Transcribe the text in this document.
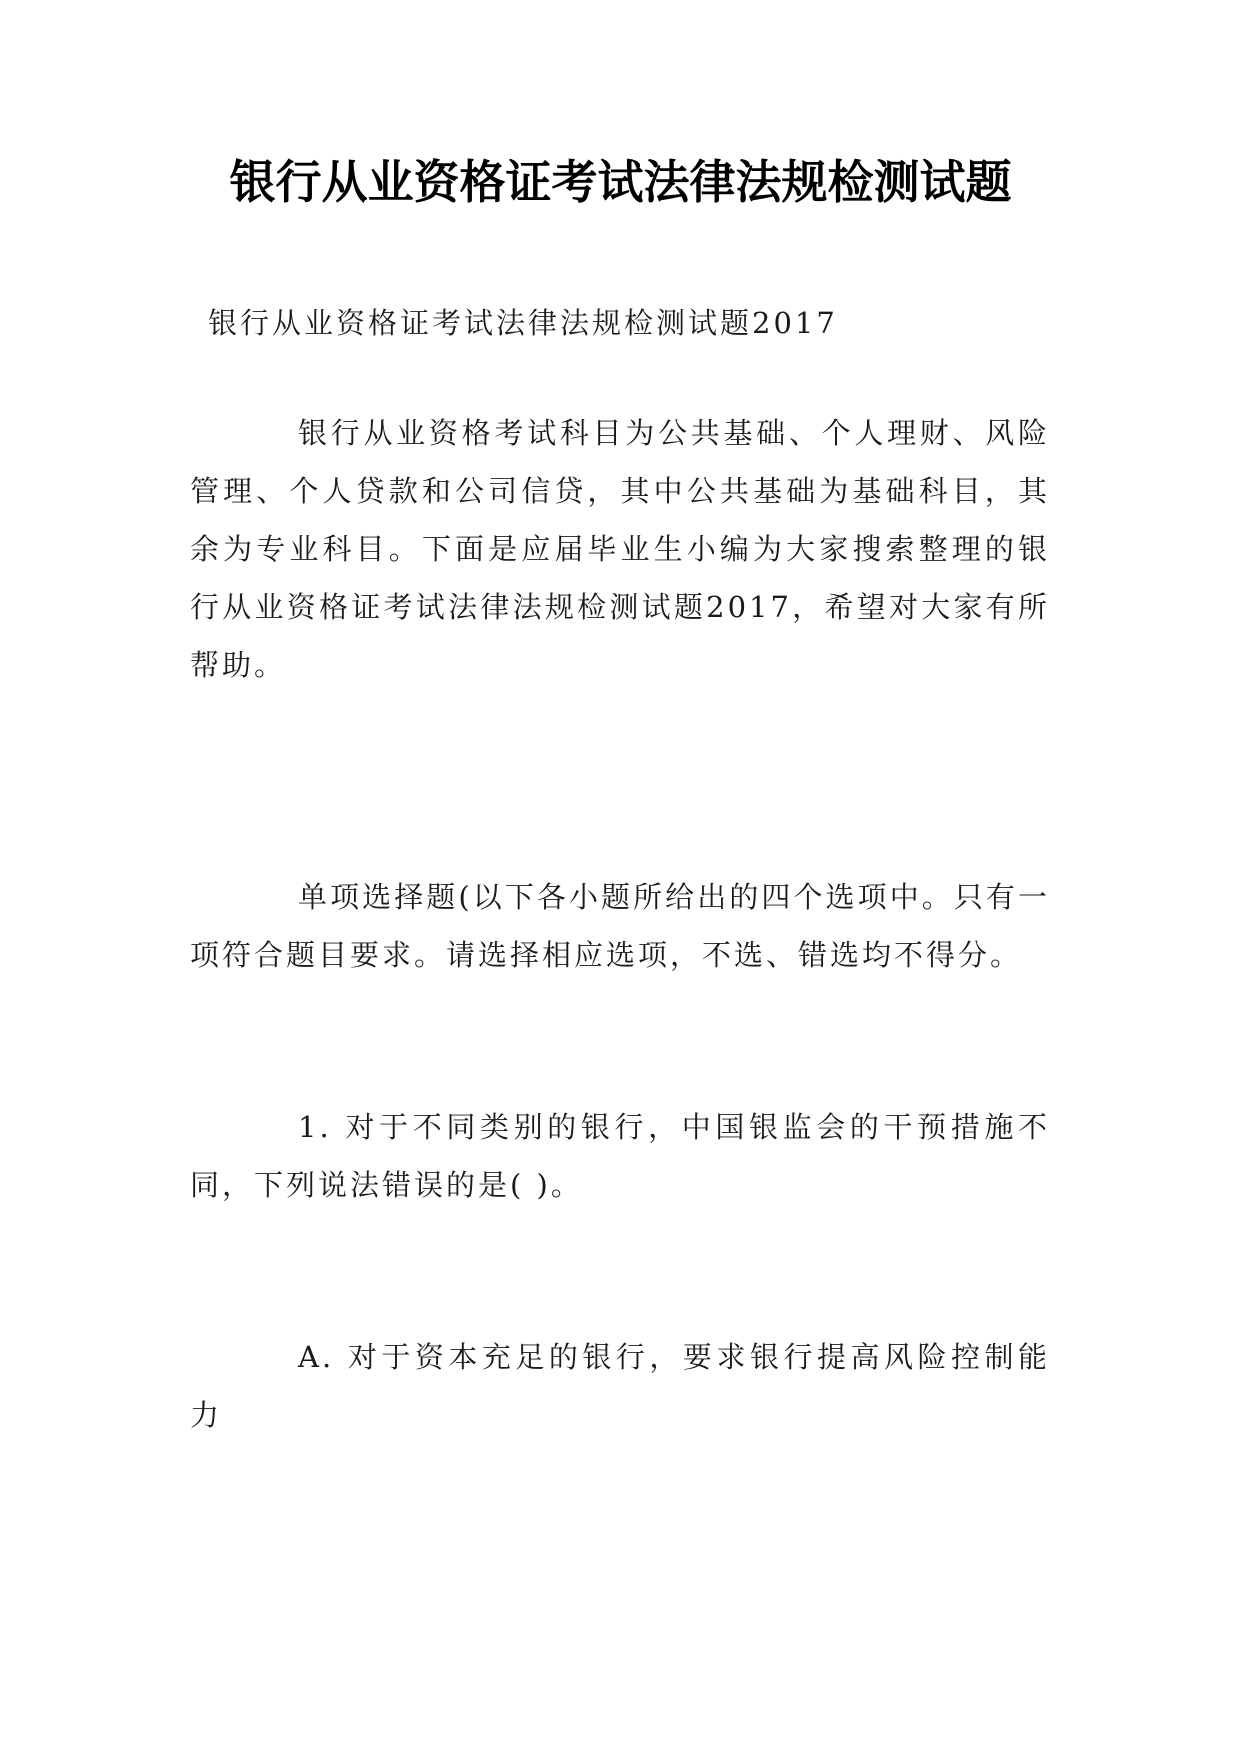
银行从业资格证考试法律法规检测试题
银行从业资格证考试法律法规检测试题2017
银行从业资格考试科目为公共基础、个人理财、风险管理、个人贷款和公司信贷，其中公共基础为基础科目，其余为专业科目。下面是应届毕业生小编为大家搜索整理的银行从业资格证考试法律法规检测试题2017，希望对大家有所帮助。
单项选择题(以下各小题所给出的四个选项中。只有一项符合题目要求。请选择相应选项，不选、错选均不得分。
1. 对于不同类别的银行，中国银监会的干预措施不同，下列说法错误的是( )。
A. 对于资本充足的银行，要求银行提高风险控制能力
